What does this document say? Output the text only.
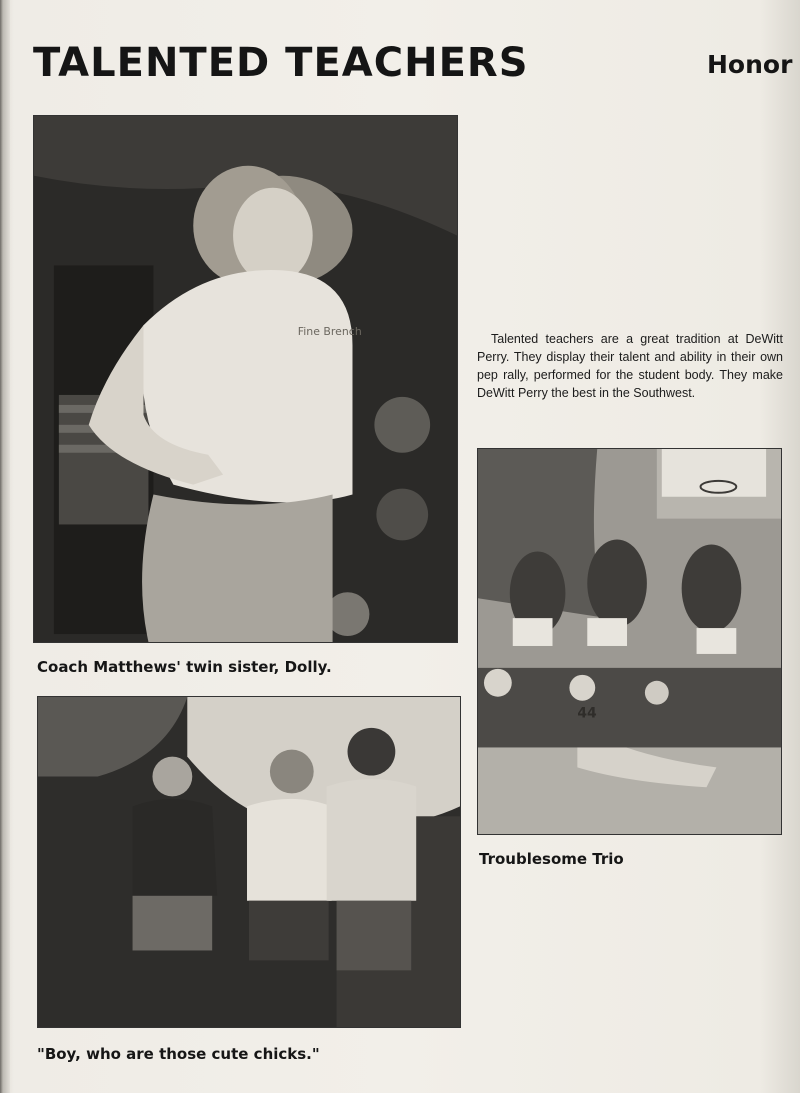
TALENTED TEACHERS	Honor
Fine Brench
Coach Matthews' twin sister, Dolly.

Talented teachers are a great tradition at DeWitt Perry. They display their talent and ability in their own pep rally, performed for the student body. They make DeWitt Perry the best in the Southwest.

44
Troublesome Trio
"Boy, who are those cute chicks."
